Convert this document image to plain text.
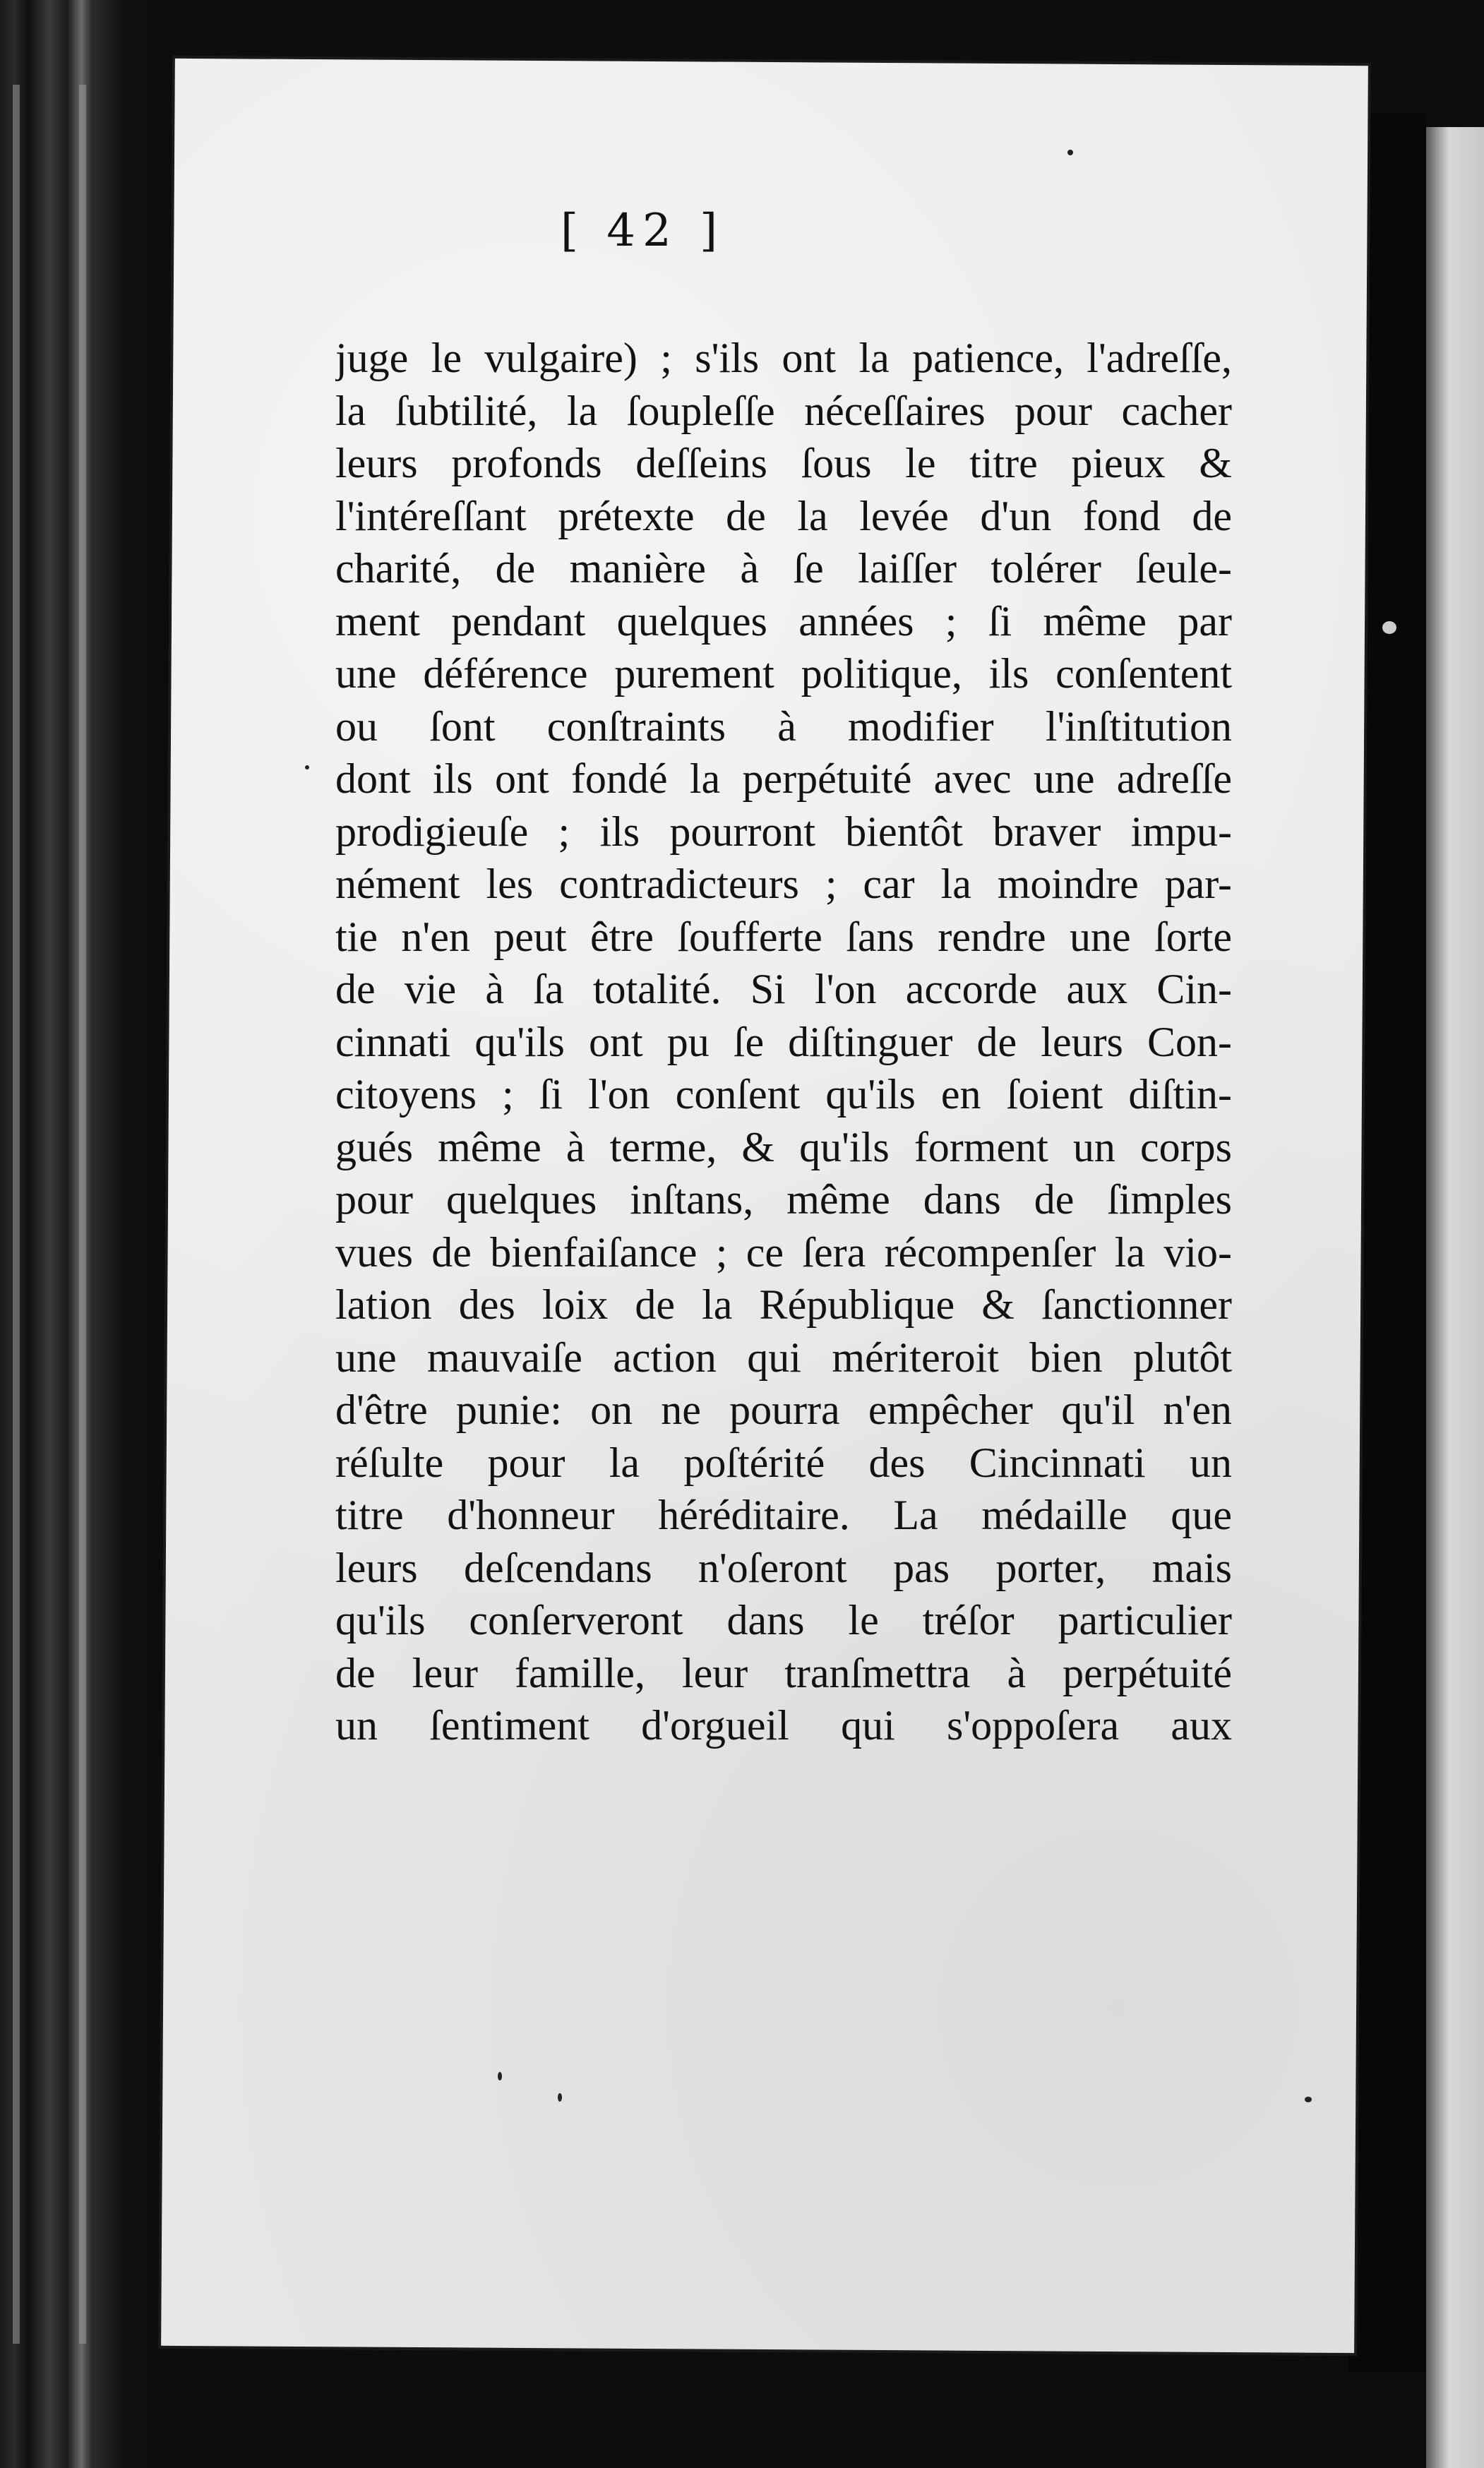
[ 42 ]
juge le vulgaire) ; s'ils ont la patience, l'adreſſe,
la ſubtilité, la ſoupleſſe néceſſaires pour cacher
leurs profonds deſſeins ſous le titre pieux &
l'intéreſſant prétexte de la levée d'un fond de
charité, de manière à ſe laiſſer tolérer ſeule-
ment pendant quelques années ; ſi même par
une déférence purement politique, ils conſentent
ou ſont conſtraints à modifier l'inſtitution
dont ils ont fondé la perpétuité avec une adreſſe
prodigieuſe ; ils pourront bientôt braver impu-
nément les contradicteurs ; car la moindre par-
tie n'en peut être ſoufferte ſans rendre une ſorte
de vie à ſa totalité. Si l'on accorde aux Cin-
cinnati qu'ils ont pu ſe diſtinguer de leurs Con-
citoyens ; ſi l'on conſent qu'ils en ſoient diſtin-
gués même à terme, & qu'ils forment un corps
pour quelques inſtans, même dans de ſimples
vues de bienfaiſance ; ce ſera récompenſer la vio-
lation des loix de la République & ſanctionner
une mauvaiſe action qui mériteroit bien plutôt
d'être punie: on ne pourra empêcher qu'il n'en
réſulte pour la poſtérité des Cincinnati un
titre d'honneur héréditaire. La médaille que
leurs deſcendans n'oſeront pas porter, mais
qu'ils conſerveront dans le tréſor particulier
de leur famille, leur tranſmettra à perpétuité
un ſentiment d'orgueil qui s'oppoſera aux
